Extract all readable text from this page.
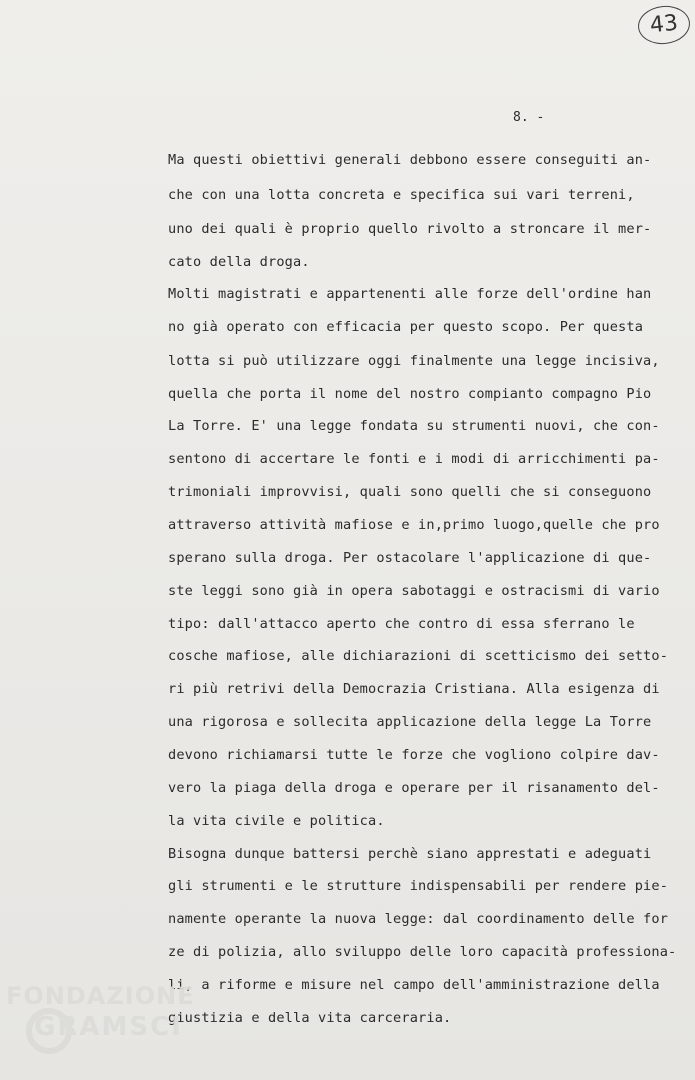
43
8. -
Ma questi obiettivi generali debbono essere conseguiti an-
che con una lotta concreta e specifica sui vari terreni,
uno dei quali è proprio quello rivolto a stroncare il mer-
cato della droga.
Molti magistrati e appartenenti alle forze dell'ordine han
no già operato con efficacia per questo scopo. Per questa
lotta si può utilizzare oggi finalmente una legge incisiva,
quella che porta il nome del nostro compianto compagno Pio
La Torre. E' una legge fondata su strumenti nuovi, che con-
sentono di accertare le fonti e i modi di arricchimenti pa-
trimoniali improvvisi, quali sono quelli che si conseguono
attraverso attività mafiose e in,primo luogo,quelle che pro
sperano sulla droga. Per ostacolare l'applicazione di que-
ste leggi sono già in opera sabotaggi e ostracismi di vario
tipo: dall'attacco aperto che contro di essa sferrano le
cosche mafiose, alle dichiarazioni di scetticismo dei setto-
ri più retrivi della Democrazia Cristiana. Alla esigenza di
una rigorosa e sollecita applicazione della legge La Torre
devono richiamarsi tutte le forze che vogliono colpire dav-
vero la piaga della droga e operare per il risanamento del-
la vita civile e politica.
Bisogna dunque battersi perchè siano apprestati e adeguati
gli strumenti e le strutture indispensabili per rendere pie-
namente operante la nuova legge: dal coordinamento delle for
ze di polizia, allo sviluppo delle loro capacità professiona-
li, a riforme e misure nel campo dell'amministrazione della
giustizia e della vita carceraria.
FONDAZIONE
GRAMSCI
